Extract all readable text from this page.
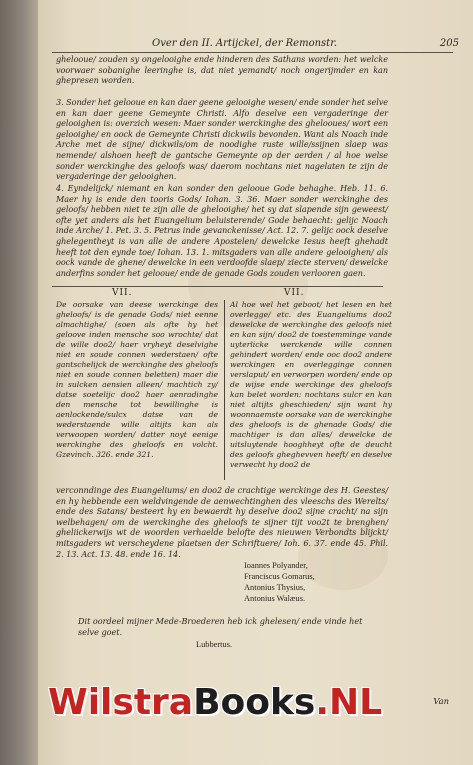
Over den II. Artijckel, der Remonstr.	205
ghelooue/ zouden sy ongelooighe ende hinderen des Sathans worden: het welcke voorwaer sobanighe leeringhe is, dat niet yemandt/ noch ongerijmder en kan ghepresen worden.
3. Sonder het gelooue en kan daer geene gelooighe wesen/ ende sonder het selve en kan daer geene Gemeynte Christi. Alfo deselve een vergaderinge der gelooighen is: overzich wesen: Maer sonder werckinghe des ghelooues/ wort een gelooighe/ en oock de Gemeynte Christi dickwils bevonden. Want als Noach inde Arche met de sijne/ dickwils/om de noodighe ruste wille/ssijnen slaep was nemende/ alshoen heeft de gantsche Gemeynte op der aerden / al hoe welse sonder werckinghe des geloofs was/ daerom nochtans niet nagelaten te zijn de vergaderinge der gelooighen.
4. Eyndelijck/ niemant en kan sonder den gelooue Gode behaghe. Heb. 11. 6. Maer hy is ende den tooris Gods/ Iohan. 3. 36. Maer sonder werckinghe des geloofs/ hebben niet te zijn alle de ghelooighe/ het sy dat slapende sijn geweest/ ofte yet anders als het Euangelium beluisterende/ Gode behaecht: gelijc Noach inde Arche/ 1. Pet. 3. 5. Petrus inde gevanckenisse/ Act. 12. 7. gelijc oock deselve ghelegentheyt is van alle de andere Apostelen/ dewelcke Iesus heeft ghehadt heeft tot den eynde toe/ Iohan. 13. 1. mitsgaders van alle andere gelooighen/ als oock vande de ghene/ dewelcke in een verdoofde slaep/ ziecte sterven/ dewelcke anderfins sonder het gelooue/ ende de genade Gods zouden verlooren gaen.
VII.	VII.
De oorsake van deese werckinge des gheloofs/ is de genade Gods/ niet eenne almachtighe/ (soen als ofte hy het geloove inden mensche soo wrochte/ dat de wille doo2/ haer vryheyt deselvighe niet en soude connen wederstaen/ ofte gantschelijck de werckinghe des gheloofs niet en soude connen beletten) maer die in sulcken aensien alleen/ machtich zy/ datse soetelijc doo2 haer aenradinghe den mensche tot bewillinghe is aenlockende/sulcx datse van de wederstaende wille altijts kan als verwoopen worden/ datter noyt eenige werckinghe des gheloofs en volcht. Gzevinch. 326. ende 321.
Al hoe wel het geboot/ het lesen en het overlegge/ etc. des Euangeliums doo2 dewelcke de werckinghe des geloofs niet en kan sijn/ doo2 de toestemminge vande uyterlicke werckende wille connen gehindert worden/ ende ooc doo2 andere werckingen en overlegginge connen verslaput/ en verworpen worden/ ende op de wijse ende werckinge des gheloofs kan belet worden: nochtans sulcr en kan niet altijts gheschieden/ sijn want hy woonnaemste oorsake van de werckinghe des gheloofs is de ghenade Gods/ die machtiger is dan alles/ dewelcke de uitsluytende hooghheyt ofte de deucht des geloofs gheghevven heeft/ en deselve verwecht hy doo2 de
verconndinge des Euangeliums/ en doo2 de crachtige werckinge des H. Geestes/ en hy hebbende een weldvingende de aenwechtinghen des vleeschs des Werelts/ ende des Satans/ besteert hy en bewaerdt hy deselve doo2 sijne cracht/ na sijn welbehagen/ om de werckinghe des gheloofs te sijner tijt voo2t te brenghen/ gheliickerwijs wt de woorden verhaelde belofte des nieuwen Verbondts blijckt/ mitsgaders wt verscheydene plaetsen der Schriftuere/ Ioh. 6. 37. ende 45. Phil. 2. 13. Act. 13. 48. ende 16. 14.
Ioannes Polyander,
Franciscus Gomarus,
Antonius Thysius,
Antonius Walæus.
Dit oordeel mijner Mede-Broederen heb ick ghelesen/ ende vinde het selve goet.
Lubbertus.
Van
WilstraBooks.NL
